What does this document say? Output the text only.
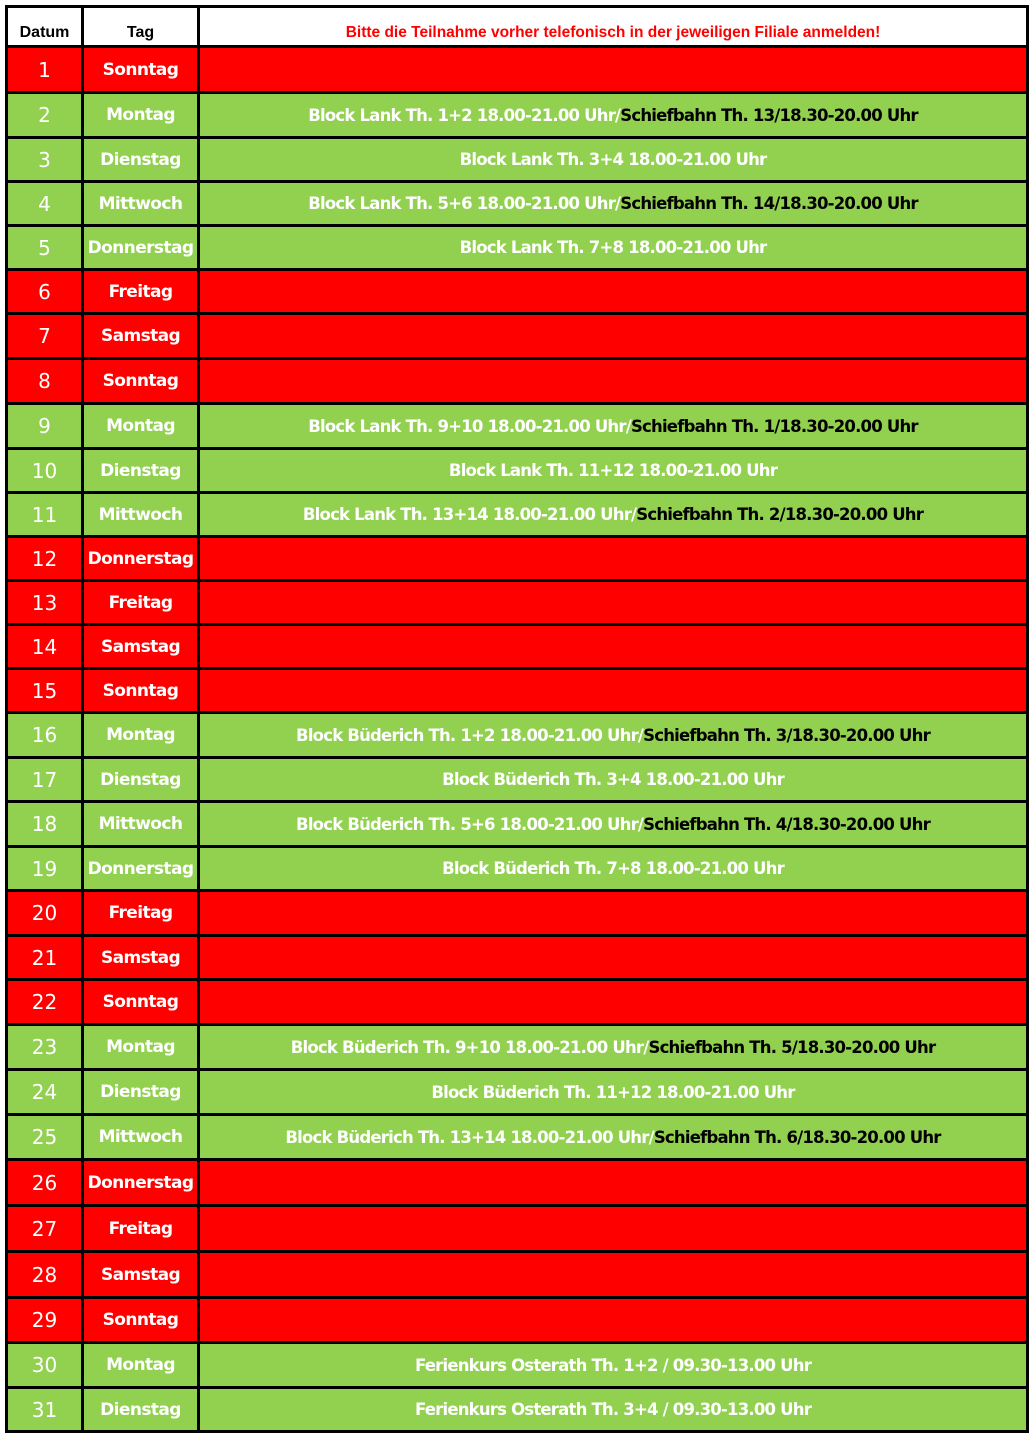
Datum	Tag	Bitte die Teilnahme vorher telefonisch in der jeweiligen Filiale anmelden!
1	Sonntag	
2	Montag	Block Lank Th. 1+2 18.00-21.00 Uhr/Schiefbahn Th. 13/18.30-20.00 Uhr
3	Dienstag	Block Lank Th. 3+4 18.00-21.00 Uhr
4	Mittwoch	Block Lank Th. 5+6 18.00-21.00 Uhr/Schiefbahn Th. 14/18.30-20.00 Uhr
5	Donnerstag	Block Lank Th. 7+8 18.00-21.00 Uhr
6	Freitag	
7	Samstag	
8	Sonntag	
9	Montag	Block Lank Th. 9+10 18.00-21.00 Uhr/Schiefbahn Th. 1/18.30-20.00 Uhr
10	Dienstag	Block Lank Th. 11+12 18.00-21.00 Uhr
11	Mittwoch	Block Lank Th. 13+14 18.00-21.00 Uhr/Schiefbahn Th. 2/18.30-20.00 Uhr
12	Donnerstag	
13	Freitag	
14	Samstag	
15	Sonntag	
16	Montag	Block Büderich Th. 1+2 18.00-21.00 Uhr/Schiefbahn Th. 3/18.30-20.00 Uhr
17	Dienstag	Block Büderich Th. 3+4 18.00-21.00 Uhr
18	Mittwoch	Block Büderich Th. 5+6 18.00-21.00 Uhr/Schiefbahn Th. 4/18.30-20.00 Uhr
19	Donnerstag	Block Büderich Th. 7+8 18.00-21.00 Uhr
20	Freitag	
21	Samstag	
22	Sonntag	
23	Montag	Block Büderich Th. 9+10 18.00-21.00 Uhr/Schiefbahn Th. 5/18.30-20.00 Uhr
24	Dienstag	Block Büderich Th. 11+12 18.00-21.00 Uhr
25	Mittwoch	Block Büderich Th. 13+14 18.00-21.00 Uhr/Schiefbahn Th. 6/18.30-20.00 Uhr
26	Donnerstag	
27	Freitag	
28	Samstag	
29	Sonntag	
30	Montag	Ferienkurs Osterath Th. 1+2 / 09.30-13.00 Uhr
31	Dienstag	Ferienkurs Osterath Th. 3+4 / 09.30-13.00 Uhr
